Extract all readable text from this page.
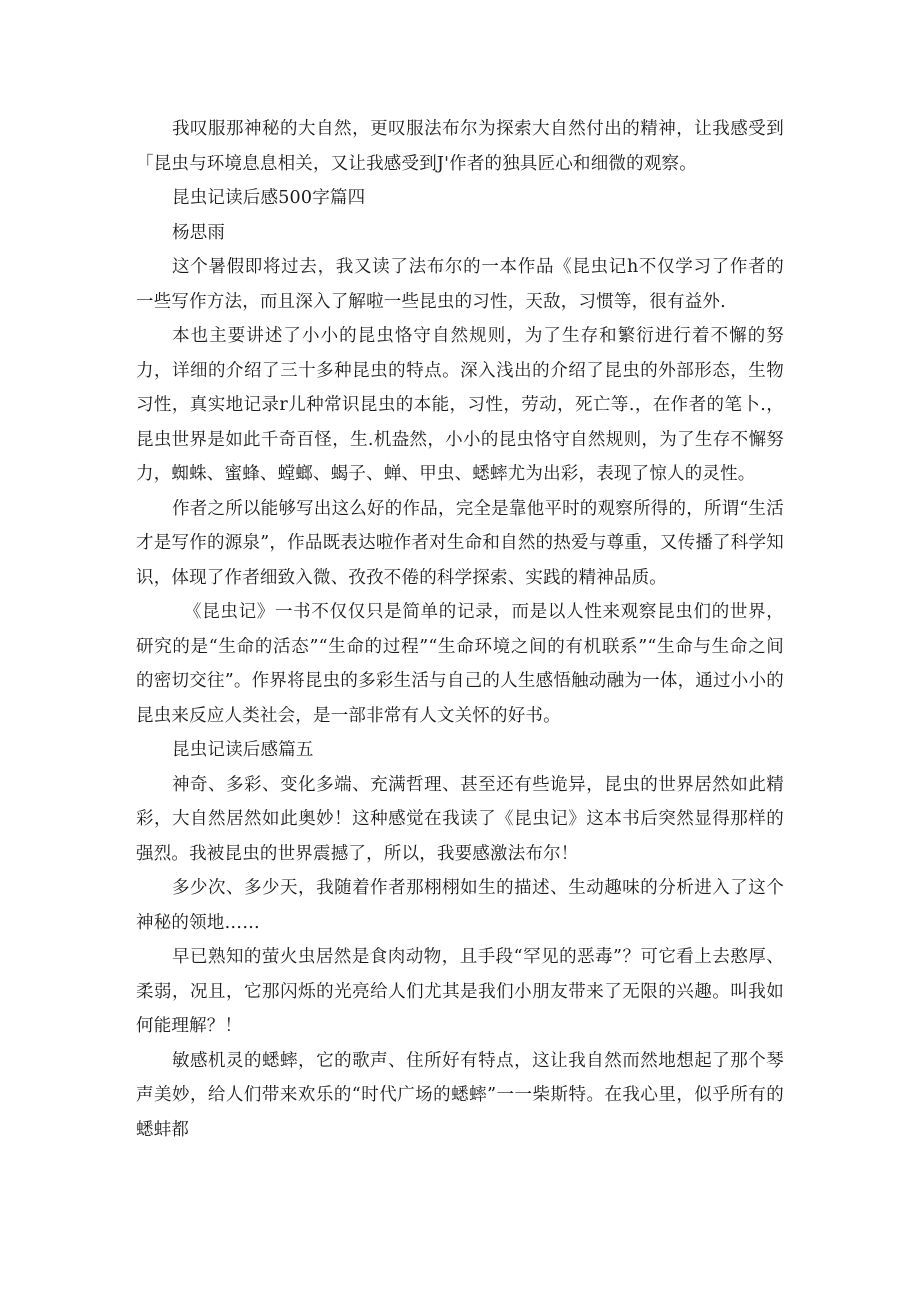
我叹服那神秘的大自然，更叹服法布尔为探索大自然付出的精神，让我感受到「昆虫与环境息息相关，又让我感受到J'作者的独具匠心和细微的观察。

昆虫记读后感500字篇四

杨思雨

这个暑假即将过去，我又读了法布尔的一本作品《昆虫记h不仅学习了作者的一些写作方法，而且深入了解啦一些昆虫的习性，天敌，习惯等，很有益外.

本也主要讲述了小小的昆虫恪守自然规则，为了生存和繁衍进行着不懈的努力，详细的介绍了三十多种昆虫的特点。深入浅出的介绍了昆虫的外部形态，生物习性，真实地记录r儿种常识昆虫的本能，习性，劳动，死亡等.，在作者的笔卜.，昆虫世界是如此千奇百怪，生.机盎然，小小的昆虫恪守自然规则，为了生存不懈努力，蜘蛛、蜜蜂、螳螂、蝎子、蝉、甲虫、蟋蟀尤为出彩，表现了惊人的灵性。

作者之所以能够写出这么好的作品，完全是靠他平时的观察所得的，所谓“生活才是写作的源泉”，作品既表达啦作者对生命和自然的热爱与尊重，又传播了科学知识，体现了作者细致入微、孜孜不倦的科学探索、实践的精神品质。

《昆虫记》一书不仅仅只是简单的记录，而是以人性来观察昆虫们的世界，研究的是“生命的活态”“生命的过程”“生命环境之间的有机联系”“生命与生命之间的密切交往”。作界将昆虫的多彩生活与自己的人生感悟触动融为一体，通过小小的昆虫来反应人类社会，是一部非常有人文关怀的好书。

昆虫记读后感篇五

神奇、多彩、变化多端、充满哲理、甚至还有些诡异，昆虫的世界居然如此精彩，大自然居然如此奥妙！这种感觉在我读了《昆虫记》这本书后突然显得那样的强烈。我被昆虫的世界震撼了，所以，我要感激法布尔！

多少次、多少天，我随着作者那栩栩如生的描述、生动趣味的分析进入了这个神秘的领地……

早已熟知的萤火虫居然是食肉动物，且手段“罕见的恶毒”？可它看上去憨厚、柔弱，况且，它那闪烁的光亮给人们尤其是我们小朋友带来了无限的兴趣。叫我如何能理解？！

敏感机灵的蟋蟀，它的歌声、住所好有特点，这让我自然而然地想起了那个琴声美妙，给人们带来欢乐的“时代广场的蟋蟀”一一柴斯特。在我心里，似乎所有的蟋蚌都
